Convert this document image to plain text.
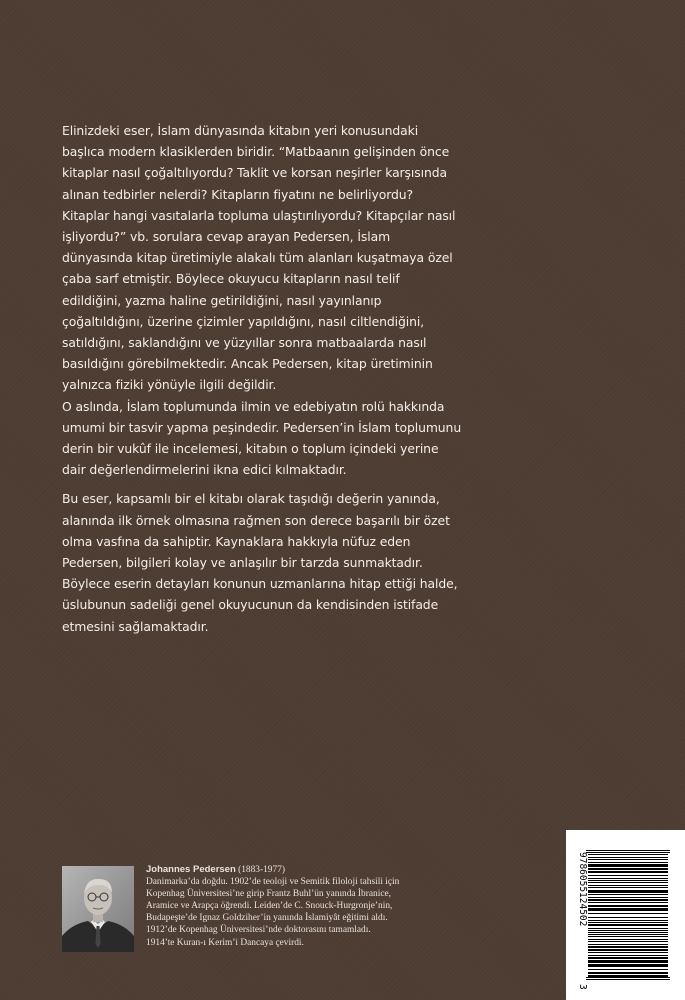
Elinizdeki eser, İslam dünyasında kitabın yeri konusundaki
başlıca modern klasiklerden biridir. “Matbaanın gelişinden önce
kitaplar nasıl çoğaltılıyordu? Taklit ve korsan neşirler karşısında
alınan tedbirler nelerdi? Kitapların fiyatını ne belirliyordu?
Kitaplar hangi vasıtalarla topluma ulaştırılıyordu? Kitapçılar nasıl
işliyordu?” vb. sorulara cevap arayan Pedersen, İslam
dünyasında kitap üretimiyle alakalı tüm alanları kuşatmaya özel
çaba sarf etmiştir. Böylece okuyucu kitapların nasıl telif
edildiğini, yazma haline getirildiğini, nasıl yayınlanıp
çoğaltıldığını, üzerine çizimler yapıldığını, nasıl ciltlendiğini,
satıldığını, saklandığını ve yüzyıllar sonra matbaalarda nasıl
basıldığını görebilmektedir. Ancak Pedersen, kitap üretiminin
yalnızca fiziki yönüyle ilgili değildir.

O aslında, İslam toplumunda ilmin ve edebiyatın rolü hakkında
umumi bir tasvir yapma peşindedir. Pedersen’in İslam toplumunu
derin bir vukûf ile incelemesi, kitabın o toplum içindeki yerine
dair değerlendirmelerini ikna edici kılmaktadır.

Bu eser, kapsamlı bir el kitabı olarak taşıdığı değerin yanında,
alanında ilk örnek olmasına rağmen son derece başarılı bir özet
olma vasfına da sahiptir. Kaynaklara hakkıyla nüfuz eden
Pedersen, bilgileri kolay ve anlaşılır bir tarzda sunmaktadır.
Böylece eserin detayları konunun uzmanlarına hitap ettiği halde,
üslubunun sadeliği genel okuyucunun da kendisinden istifade
etmesini sağlamaktadır.

Johannes Pedersen (1883-1977)
Danimarka’da doğdu. 1902’de teoloji ve Semitik filoloji tahsili için
Kopenhag Üniversitesi’ne girip Frantz Buhl’ün yanında İbranice,
Aramice ve Arapça öğrendi. Leiden’de C. Snouck-Hurgronje’nin,
Budapeşte’de Ignaz Goldziher’in yanında İslamiyât eğitimi aldı.
1912’de Kopenhag Üniversitesi’nde doktorasını tamamladı.
1914’te Kuran-ı Kerim’i Dancaya çevirdi.
9786055124502
3
